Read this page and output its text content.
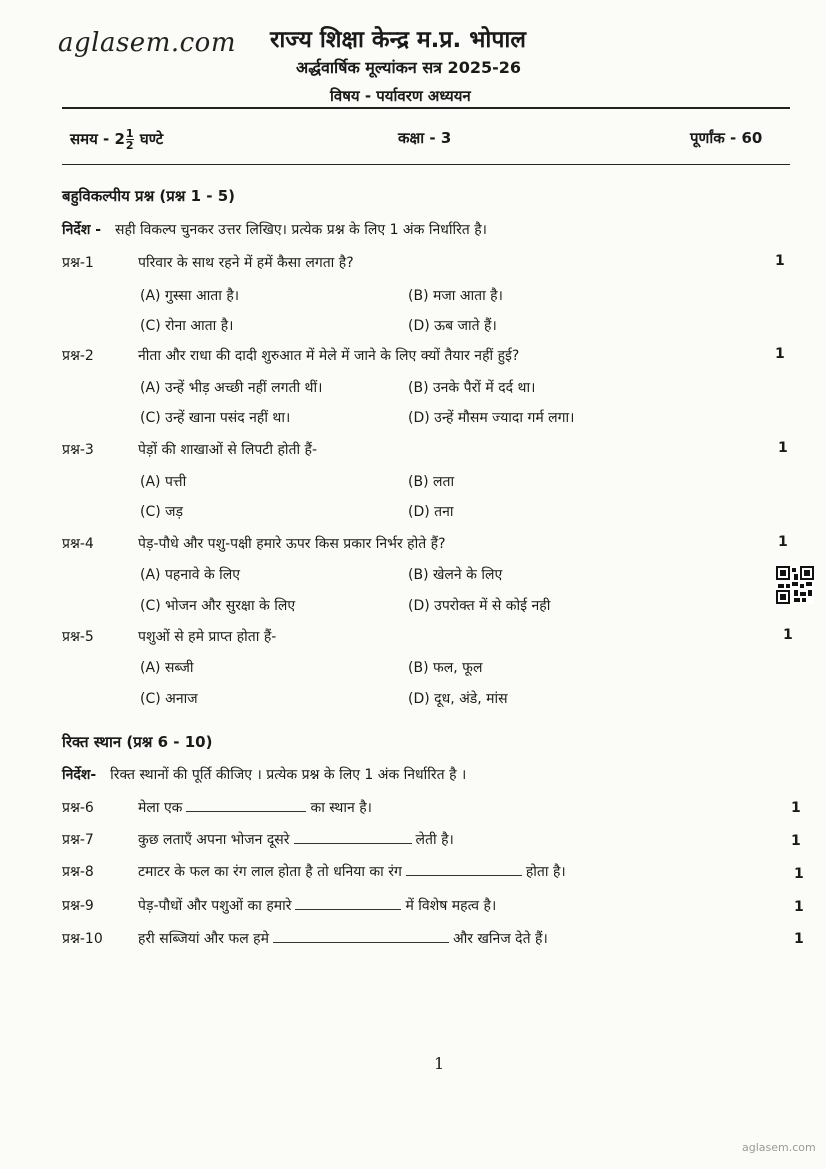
aglasem.com राज्य शिक्षा केन्द्र म.प्र. भोपाल
अर्द्धवार्षिक मूल्यांकन सत्र 2025-26
विषय - पर्यावरण अध्ययन
समय - $2 \frac{1}{2}$ घण्टे	कक्षा - 3	पूर्णांक - 60
बहुविकल्पीय प्रश्न (प्रश्न 1 - 5)
निर्देश - सही विकल्प चुनकर उत्तर लिखिए। प्रत्येक प्रश्न के लिए 1 अंक निर्धारित है।
प्रश्न-1	परिवार के साथ रहने में हमें कैसा लगता है?	1
(A) गुस्सा आता है।	(B) मजा आता है।
(C) रोना आता है।	(D) ऊब जाते हैं।
प्रश्न-2	नीता और राधा की दादी शुरुआत में मेले में जाने के लिए क्यों तैयार नहीं हुई?	1
(A) उन्हें भीड़ अच्छी नहीं लगती थीं।	(B) उनके पैरों में दर्द था।
(C) उन्हें खाना पसंद नहीं था।	(D) उन्हें मौसम ज्यादा गर्म लगा।
प्रश्न-3	पेड़ों की शाखाओं से लिपटी होती हैं-	1
(A) पत्ती	(B) लता
(C) जड़	(D) तना
प्रश्न-4	पेड़-पौधे और पशु-पक्षी हमारे ऊपर किस प्रकार निर्भर होते हैं?	1
(A) पहनावे के लिए	(B) खेलने के लिए
(C) भोजन और सुरक्षा के लिए	(D) उपरोक्त में से कोई नही
प्रश्न-5	पशुओं से हमे प्राप्त होता हैं-	1
(A) सब्जी	(B) फल, फूल
(C) अनाज	(D) दूध, अंडे, मांस
रिक्त स्थान (प्रश्न 6 - 10)
निर्देश- रिक्त स्थानों की पूर्ति कीजिए । प्रत्येक प्रश्न के लिए 1 अंक निर्धारित है ।
प्रश्न-6	मेला एक	का स्थान है।	1
प्रश्न-7	कुछ लताएँ अपना भोजन दूसरे	लेती है।	1
प्रश्न-8	टमाटर के फल का रंग लाल होता है तो धनिया का रंग	होता है।	1
प्रश्न-9	पेड़-पौधों और पशुओं का हमारे	में विशेष महत्व है।	1
प्रश्न-10	हरी सब्जियां और फल हमे	और खनिज देते हैं।	1
1
aglasem.com
